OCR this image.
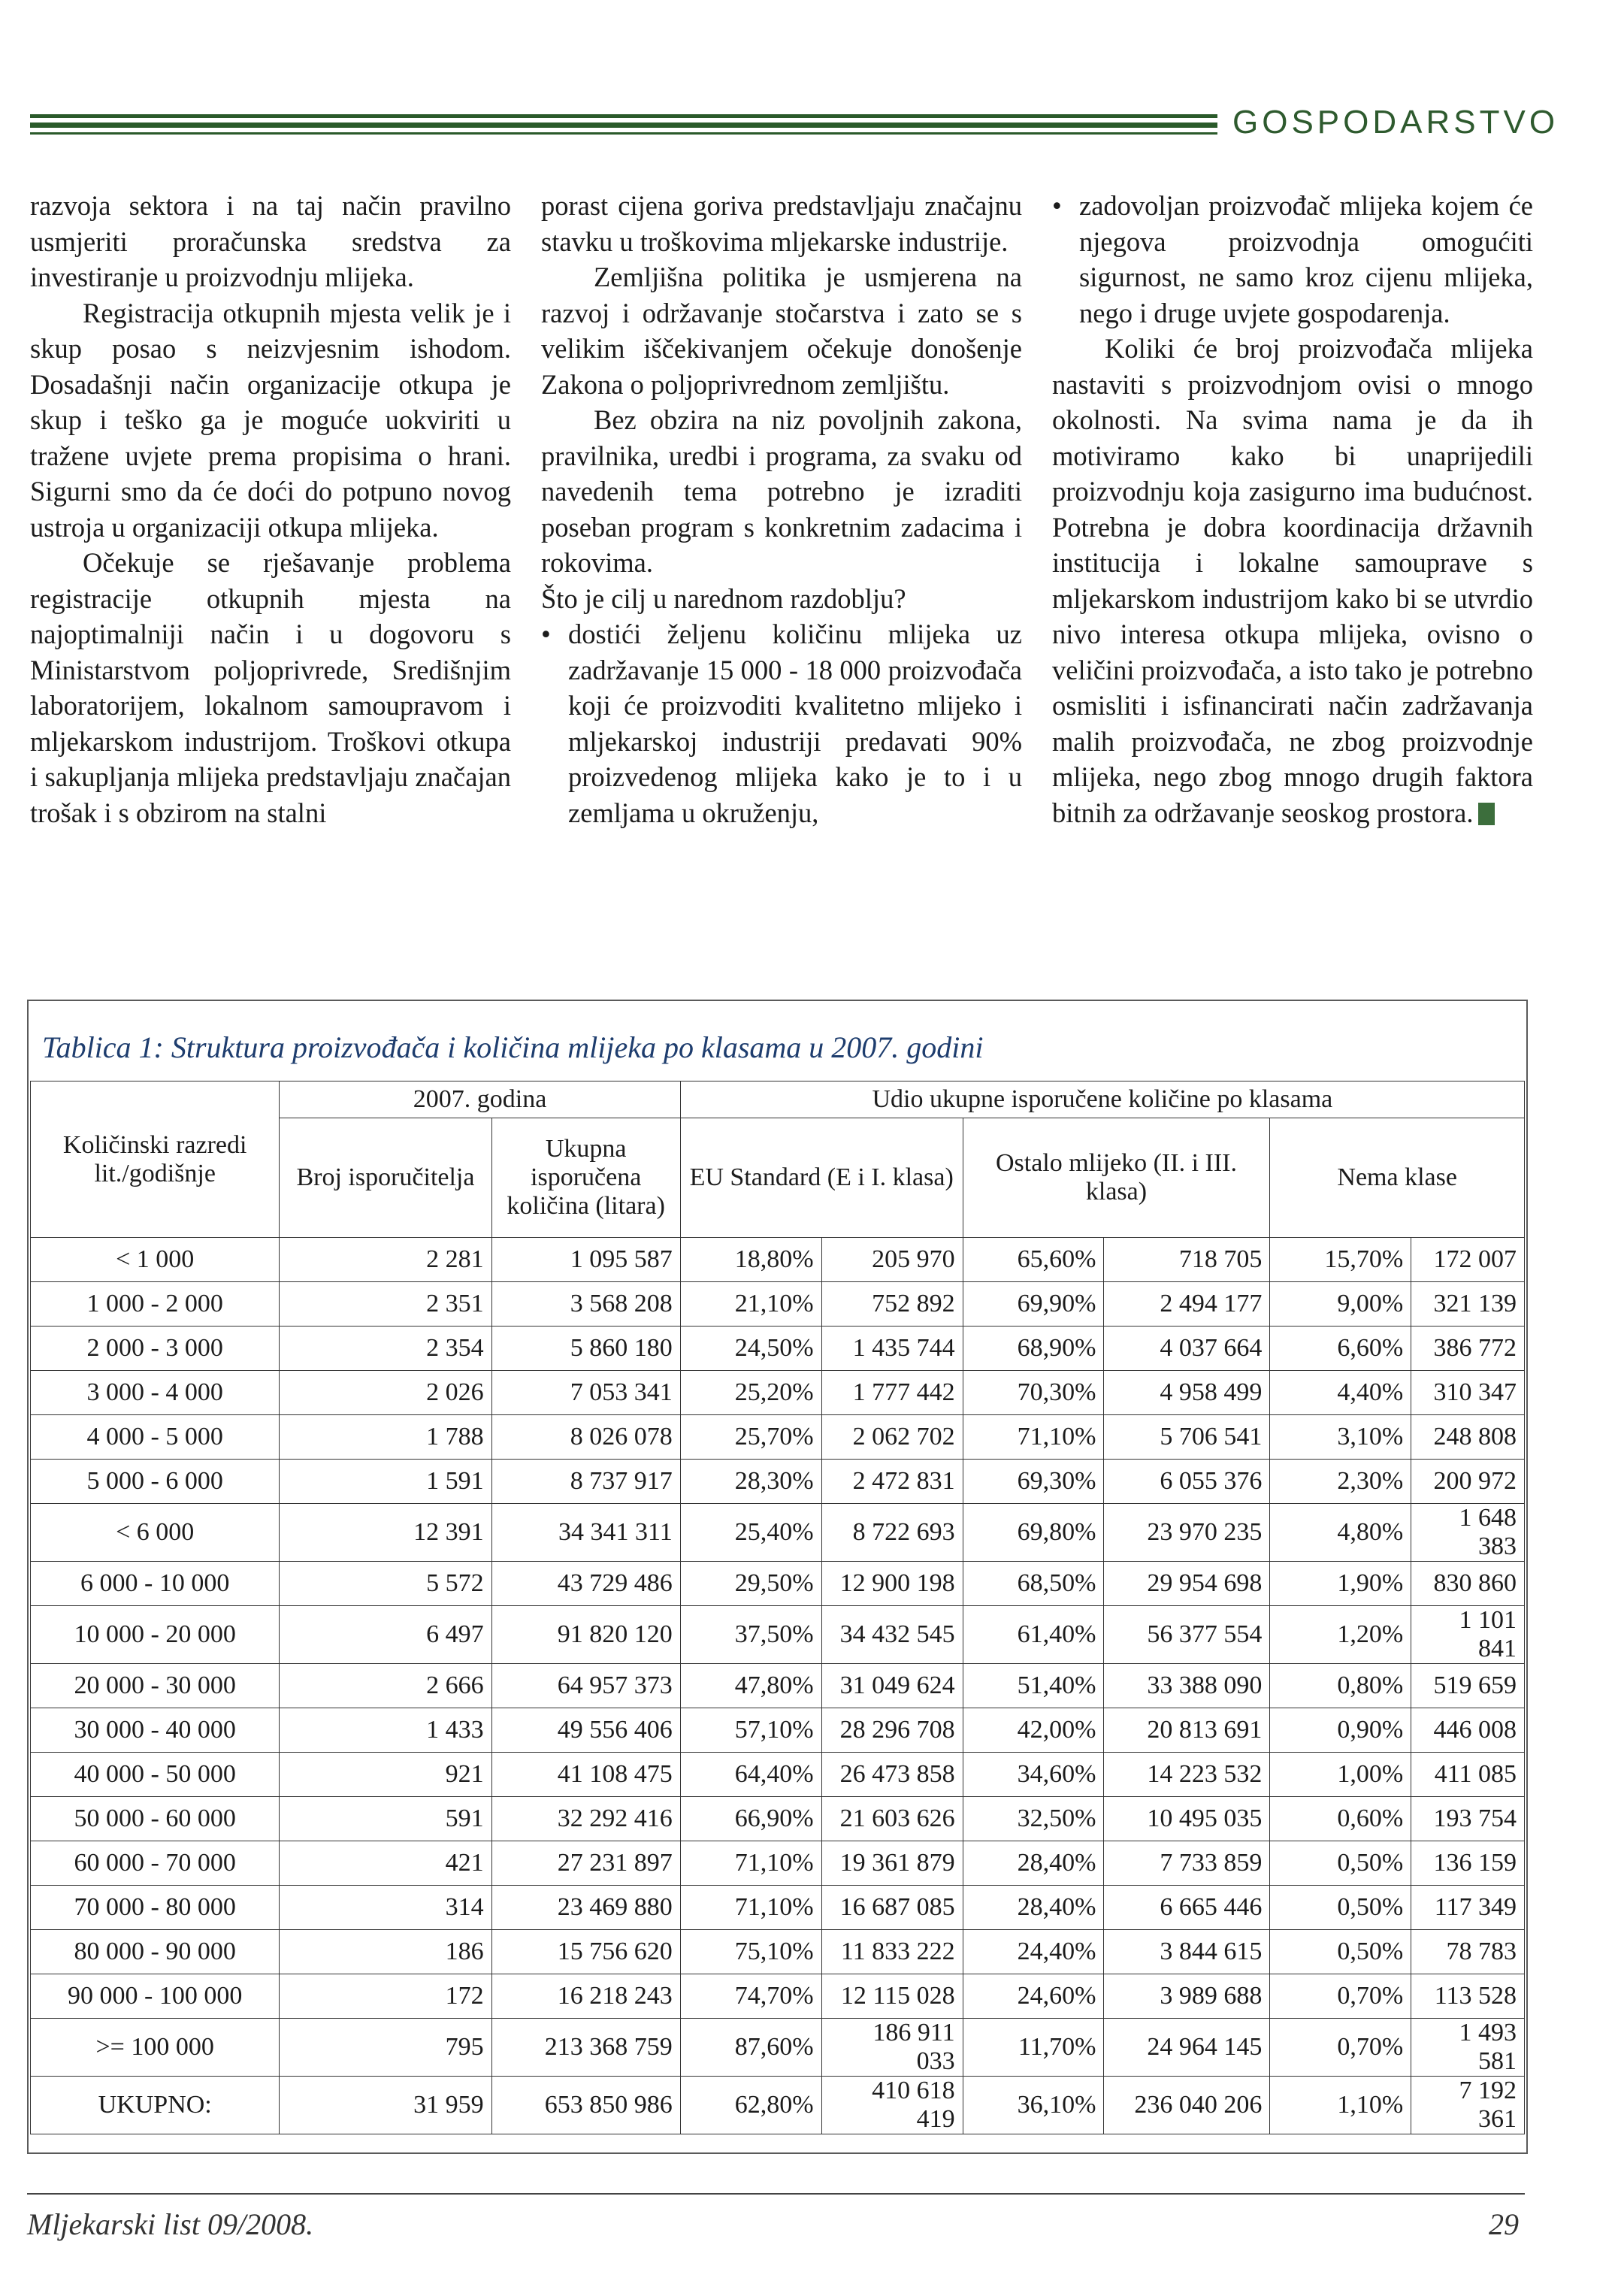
GOSPODARSTVO

razvoja sektora i na taj način pravilno usmjeriti proračunska sredstva za investiranje u proizvodnju mlijeka.

Registracija otkupnih mjesta velik je i skup posao s neizvjesnim ishodom. Dosadašnji način organizacije otkupa je skup i teško ga je moguće uokviriti u tražene uvjete prema propisima o hrani. Sigurni smo da će doći do potpuno novog ustroja u organizaciji otkupa mlijeka.

Očekuje se rješavanje problema registracije otkupnih mjesta na najoptimalniji način i u dogovoru s Ministarstvom poljoprivrede, Središnjim laboratorijem, lokalnom samoupravom i mljekarskom industrijom. Troškovi otkupa i sakupljanja mlijeka predstavljaju značajan trošak i s obzirom na stalni

porast cijena goriva predstavljaju značajnu stavku u troškovima mljekarske industrije.

Zemljišna politika je usmjerena na razvoj i održavanje stočarstva i zato se s velikim iščekivanjem očekuje donošenje Zakona o poljoprivrednom zemljištu.

Bez obzira na niz povoljnih zakona, pravilnika, uredbi i programa, za svaku od navedenih tema potrebno je izraditi poseban program s konkretnim zadacima i rokovima.

Što je cilj u narednom razdoblju?

• dostići željenu količinu mlijeka uz zadržavanje 15 000 - 18 000 proizvođača koji će proizvoditi kvalitetno mlijeko i mljekarskoj industriji predavati 90% proizvedenog mlijeka kako je to i u zemljama u okruženju,

• zadovoljan proizvođač mlijeka kojem će njegova proizvodnja omogućiti sigurnost, ne samo kroz cijenu mlijeka, nego i druge uvjete gospodarenja.

Koliki će broj proizvođača mlijeka nastaviti s proizvodnjom ovisi o mnogo okolnosti. Na svima nama je da ih motiviramo kako bi unaprijedili proizvodnju koja zasigurno ima budućnost. Potrebna je dobra koordinacija državnih institucija i lokalne samouprave s mljekarskom industrijom kako bi se utvrdio nivo interesa otkupa mlijeka, ovisno o veličini proizvođača, a isto tako je potrebno osmisliti i isfinancirati način zadržavanja malih proizvođača, ne zbog proizvodnje mlijeka, nego zbog mnogo drugih faktora bitnih za održavanje seoskog prostora.

Tablica 1: Struktura proizvođača i količina mlijeka po klasama u 2007. godini
Količinski razredi lit./godišnje	2007. godina		Udio ukupne isporučene količine po klasama					
	Broj isporučitelja	Ukupna isporučena količina (litara)	EU Standard (E i I. klasa)		Ostalo mlijeko (II. i III. klasa)		Nema klase	
< 1 000	2 281	1 095 587	18,80%	205 970	65,60%	718 705	15,70%	172 007
1 000 - 2 000	2 351	3 568 208	21,10%	752 892	69,90%	2 494 177	9,00%	321 139
2 000 - 3 000	2 354	5 860 180	24,50%	1 435 744	68,90%	4 037 664	6,60%	386 772
3 000 - 4 000	2 026	7 053 341	25,20%	1 777 442	70,30%	4 958 499	4,40%	310 347
4 000 - 5 000	1 788	8 026 078	25,70%	2 062 702	71,10%	5 706 541	3,10%	248 808
5 000 - 6 000	1 591	8 737 917	28,30%	2 472 831	69,30%	6 055 376	2,30%	200 972
< 6 000	12 391	34 341 311	25,40%	8 722 693	69,80%	23 970 235	4,80%	1 648 383
6 000 - 10 000	5 572	43 729 486	29,50%	12 900 198	68,50%	29 954 698	1,90%	830 860
10 000 - 20 000	6 497	91 820 120	37,50%	34 432 545	61,40%	56 377 554	1,20%	1 101 841
20 000 - 30 000	2 666	64 957 373	47,80%	31 049 624	51,40%	33 388 090	0,80%	519 659
30 000 - 40 000	1 433	49 556 406	57,10%	28 296 708	42,00%	20 813 691	0,90%	446 008
40 000 - 50 000	921	41 108 475	64,40%	26 473 858	34,60%	14 223 532	1,00%	411 085
50 000 - 60 000	591	32 292 416	66,90%	21 603 626	32,50%	10 495 035	0,60%	193 754
60 000 - 70 000	421	27 231 897	71,10%	19 361 879	28,40%	7 733 859	0,50%	136 159
70 000 - 80 000	314	23 469 880	71,10%	16 687 085	28,40%	6 665 446	0,50%	117 349
80 000 - 90 000	186	15 756 620	75,10%	11 833 222	24,40%	3 844 615	0,50%	78 783
90 000 - 100 000	172	16 218 243	74,70%	12 115 028	24,60%	3 989 688	0,70%	113 528
>= 100 000	795	213 368 759	87,60%	186 911 033	11,70%	24 964 145	0,70%	1 493 581
UKUPNO:	31 959	653 850 986	62,80%	410 618 419	36,10%	236 040 206	1,10%	7 192 361
Mljekarski list 09/2008.	29
